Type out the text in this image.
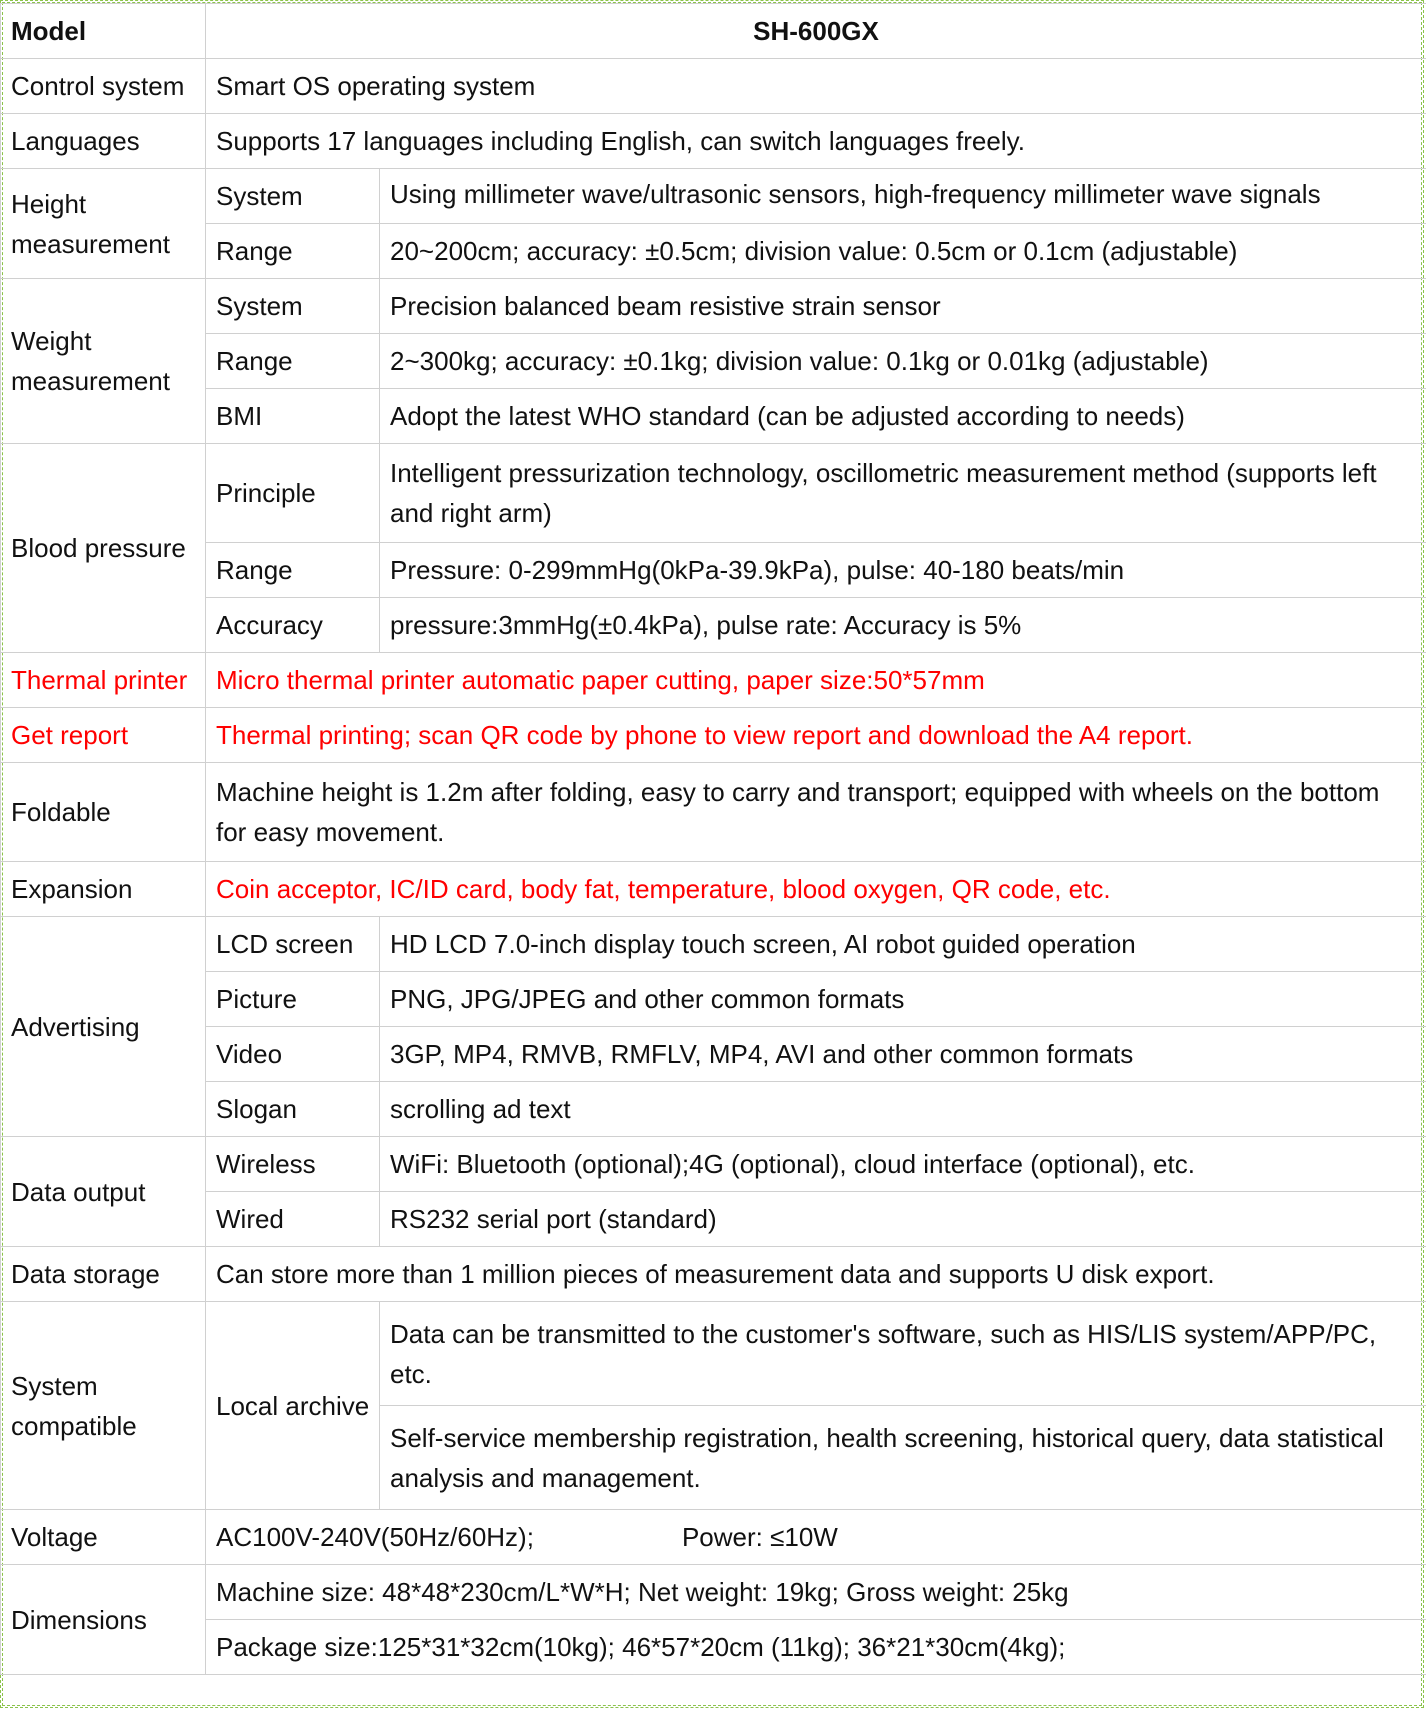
Model	SH-600GX	
Control system	Smart OS operating system	
Languages	Supports 17 languages including English, can switch languages freely.	
Height measurement	System	Using millimeter wave/ultrasonic sensors, high-frequency millimeter wave signals

	Range	20~200cm; accuracy: ±0.5cm; division value: 0.5cm or 0.1cm (adjustable)
Weight measurement	System	Precision balanced beam resistive strain sensor
	Range	2~300kg; accuracy: ±0.1kg; division value: 0.1kg or 0.01kg (adjustable)
	BMI	Adopt the latest WHO standard (can be adjusted according to needs)
Blood pressure	Principle	Intelligent pressurization technology, oscillometric measurement method (supports left and right arm)
	Range	Pressure: 0-299mmHg(0kPa-39.9kPa), pulse: 40-180 beats/min
	Accuracy	pressure:3mmHg(±0.4kPa), pulse rate: Accuracy is 5%
Thermal printer	Micro thermal printer automatic paper cutting, paper size:50*57mm	
Get report	Thermal printing; scan QR code by phone to view report and download the A4 report.	
Foldable	Machine height is 1.2m after folding, easy to carry and transport; equipped with wheels on the bottom for easy movement.	
Expansion	Coin acceptor, IC/ID card, body fat, temperature, blood oxygen, QR code, etc.	
Advertising	LCD screen	HD LCD 7.0-inch display touch screen, AI robot guided operation
	Picture	PNG, JPG/JPEG and other common formats
	Video	3GP, MP4, RMVB, RMFLV, MP4, AVI and other common formats
	Slogan	scrolling ad text
Data output	Wireless	WiFi: Bluetooth (optional);4G (optional), cloud interface (optional), etc.
	Wired	RS232 serial port (standard)
Data storage	Can store more than 1 million pieces of measurement data and supports U disk export.	
System compatible	Local archive	Data can be transmitted to the customer's software, such as HIS/LIS system/APP/PC, etc.
		Self-service membership registration, health screening, historical query, data statistical analysis and management.
Voltage	AC100V-240V(50Hz/60Hz); Power: ≤10W	
Dimensions	Machine size: 48*48*230cm/L*W*H; Net weight: 19kg; Gross weight: 25kg	
	Package size:125*31*32cm(10kg); 46*57*20cm (11kg); 36*21*30cm(4kg);	
